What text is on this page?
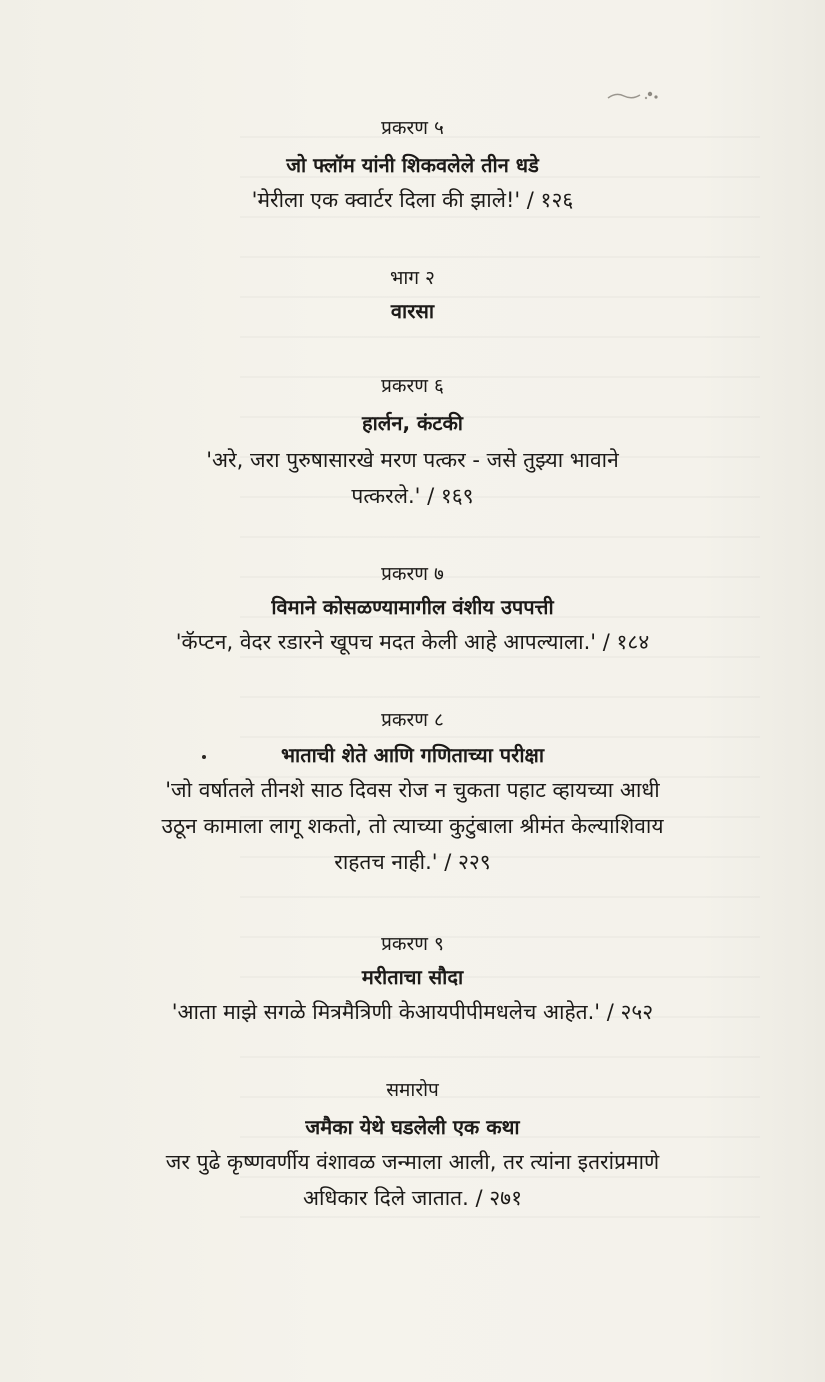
प्रकरण ५
जो फ्लॉम यांनी शिकवलेले तीन धडे
'मेरीला एक क्वार्टर दिला की झाले!' / १२६
भाग २
वारसा
प्रकरण ६
हार्लन, कंटकी
'अरे, जरा पुरुषासारखे मरण पत्कर - जसे तुझ्या भावाने
पत्करले.' / १६९
प्रकरण ७
विमाने कोसळण्यामागील वंशीय उपपत्ती
'कॅप्टन, वेदर रडारने खूपच मदत केली आहे आपल्याला.' / १८४
प्रकरण ८
भाताची शेते आणि गणिताच्या परीक्षा
'जो वर्षातले तीनशे साठ दिवस रोज न चुकता पहाट व्हायच्या आधी
उठून कामाला लागू शकतो, तो त्याच्या कुटुंबाला श्रीमंत केल्याशिवाय
राहतच नाही.' / २२९
प्रकरण ९
मरीताचा सौदा
'आता माझे सगळे मित्रमैत्रिणी केआयपीपीमधलेच आहेत.' / २५२
समारोप
जमैका येथे घडलेली एक कथा
जर पुढे कृष्णवर्णीय वंशावळ जन्माला आली, तर त्यांना इतरांप्रमाणे
अधिकार दिले जातात. / २७१
